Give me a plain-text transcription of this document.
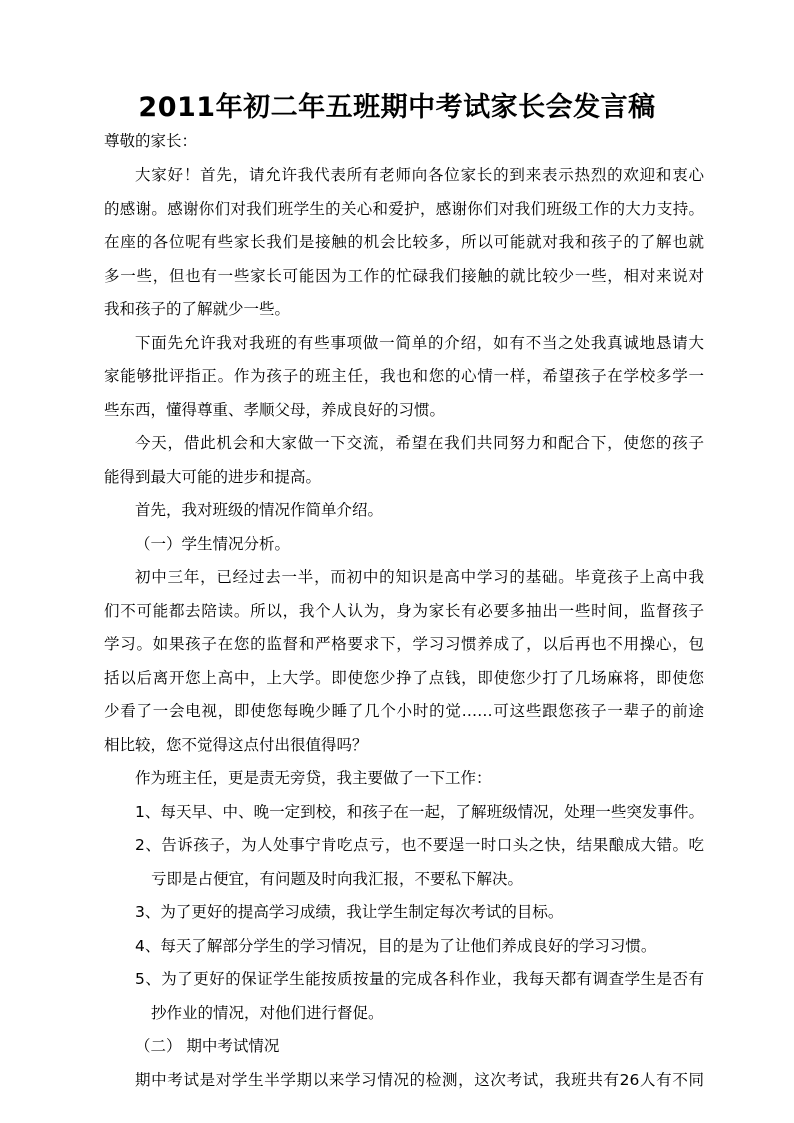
2011年初二年五班期中考试家长会发言稿
尊敬的家长：
大家好！首先，请允许我代表所有老师向各位家长的到来表示热烈的欢迎和衷心
的感谢。感谢你们对我们班学生的关心和爱护，感谢你们对我们班级工作的大力支持。
在座的各位呢有些家长我们是接触的机会比较多，所以可能就对我和孩子的了解也就
多一些，但也有一些家长可能因为工作的忙碌我们接触的就比较少一些，相对来说对
我和孩子的了解就少一些。
下面先允许我对我班的有些事项做一简单的介绍，如有不当之处我真诚地恳请大
家能够批评指正。作为孩子的班主任，我也和您的心情一样，希望孩子在学校多学一
些东西，懂得尊重、孝顺父母，养成良好的习惯。
今天，借此机会和大家做一下交流，希望在我们共同努力和配合下，使您的孩子
能得到最大可能的进步和提高。
首先，我对班级的情况作简单介绍。
（一）学生情况分析。
初中三年，已经过去一半，而初中的知识是高中学习的基础。毕竟孩子上高中我
们不可能都去陪读。所以，我个人认为，身为家长有必要多抽出一些时间，监督孩子
学习。如果孩子在您的监督和严格要求下，学习习惯养成了，以后再也不用操心，包
括以后离开您上高中，上大学。即使您少挣了点钱，即使您少打了几场麻将，即使您
少看了一会电视，即使您每晚少睡了几个小时的觉……可这些跟您孩子一辈子的前途
相比较，您不觉得这点付出很值得吗？
作为班主任，更是责无旁贷，我主要做了一下工作：
1、每天早、中、晚一定到校，和孩子在一起，了解班级情况，处理一些突发事件。
2、告诉孩子，为人处事宁肯吃点亏，也不要逞一时口头之快，结果酿成大错。吃
亏即是占便宜，有问题及时向我汇报，不要私下解决。
3、为了更好的提高学习成绩，我让学生制定每次考试的目标。
4、每天了解部分学生的学习情况，目的是为了让他们养成良好的学习习惯。
5、为了更好的保证学生能按质按量的完成各科作业，我每天都有调查学生是否有
抄作业的情况，对他们进行督促。
（二） 期中考试情况
期中考试是对学生半学期以来学习情况的检测，这次考试，我班共有26人有不同
